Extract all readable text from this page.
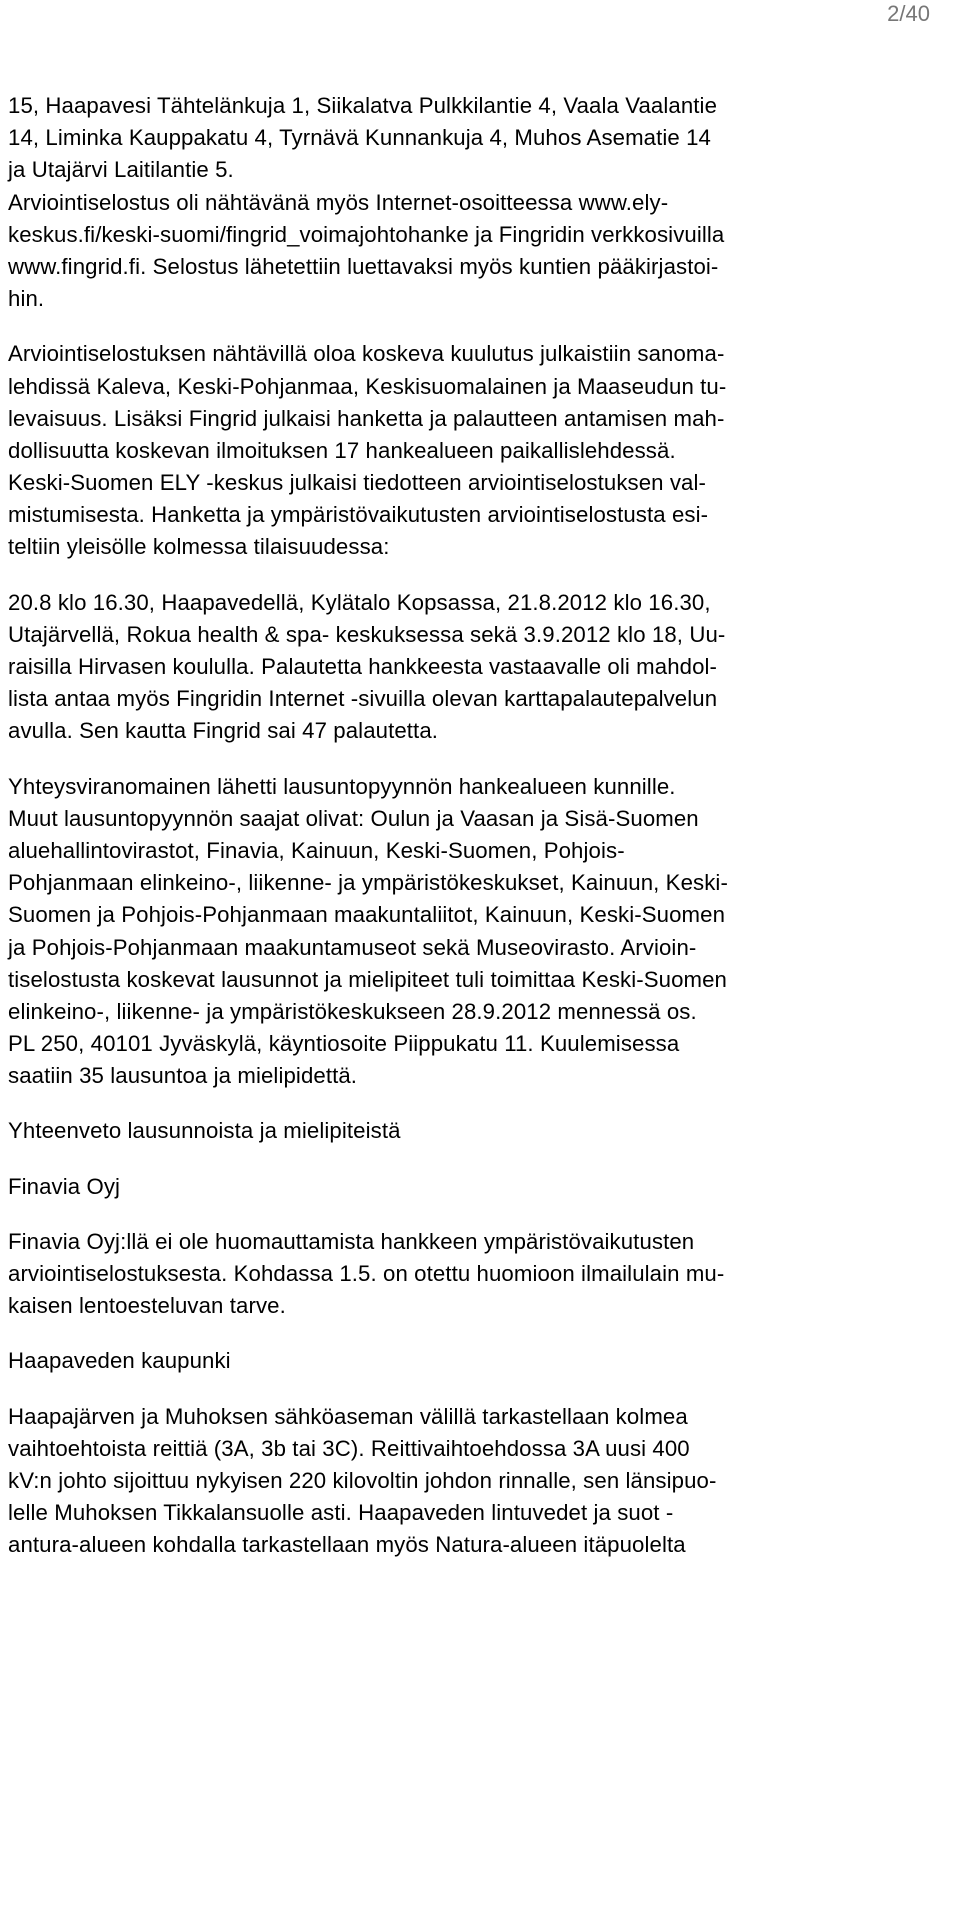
2/40
15, Haapavesi Tähtelänkuja 1, Siikalatva Pulkkilantie 4, Vaala Vaalantie
14, Liminka Kauppakatu 4, Tyrnävä Kunnankuja 4, Muhos Asematie 14
ja Utajärvi Laitilantie 5.
Arviointiselostus oli nähtävänä myös Internet-osoitteessa www.ely-
keskus.fi/keski-suomi/fingrid_voimajohtohanke ja Fingridin verkkosivuilla
www.fingrid.fi. Selostus lähetettiin luettavaksi myös kuntien pääkirjastoi-
hin.
Arviointiselostuksen nähtävillä oloa koskeva kuulutus julkaistiin sanoma-
lehdissä Kaleva, Keski-Pohjanmaa, Keskisuomalainen ja Maaseudun tu-
levaisuus. Lisäksi Fingrid julkaisi hanketta ja palautteen antamisen mah-
dollisuutta koskevan ilmoituksen 17 hankealueen paikallislehdessä.
Keski-Suomen ELY -keskus julkaisi tiedotteen arviointiselostuksen val-
mistumisesta. Hanketta ja ympäristövaikutusten arviointiselostusta esi-
teltiin yleisölle kolmessa tilaisuudessa:
20.8 klo 16.30, Haapavedellä, Kylätalo Kopsassa, 21.8.2012 klo 16.30,
Utajärvellä, Rokua health & spa- keskuksessa sekä 3.9.2012 klo 18, Uu-
raisilla Hirvasen koululla. Palautetta hankkeesta vastaavalle oli mahdol-
lista antaa myös Fingridin Internet -sivuilla olevan karttapalautepalvelun
avulla. Sen kautta Fingrid sai 47 palautetta.
Yhteysviranomainen lähetti lausuntopyynnön hankealueen kunnille.
Muut lausuntopyynnön saajat olivat: Oulun ja Vaasan ja Sisä-Suomen
aluehallintovirastot, Finavia, Kainuun, Keski-Suomen, Pohjois-
Pohjanmaan elinkeino-, liikenne- ja ympäristökeskukset, Kainuun, Keski-
Suomen ja Pohjois-Pohjanmaan maakuntaliitot, Kainuun, Keski-Suomen
ja Pohjois-Pohjanmaan maakuntamuseot sekä Museovirasto. Arvioin-
tiselostusta koskevat lausunnot ja mielipiteet tuli toimittaa Keski-Suomen
elinkeino-, liikenne- ja ympäristökeskukseen 28.9.2012 mennessä os.
PL 250, 40101 Jyväskylä, käyntiosoite Piippukatu 11. Kuulemisessa
saatiin 35 lausuntoa ja mielipidettä.
Yhteenveto lausunnoista ja mielipiteistä
Finavia Oyj
Finavia Oyj:llä ei ole huomauttamista hankkeen ympäristövaikutusten
arviointiselostuksesta. Kohdassa 1.5. on otettu huomioon ilmailulain mu-
kaisen lentoesteluvan tarve.
Haapaveden kaupunki
Haapajärven ja Muhoksen sähköaseman välillä tarkastellaan kolmea
vaihtoehtoista reittiä (3A, 3b tai 3C). Reittivaihtoehdossa 3A uusi 400
kV:n johto sijoittuu nykyisen 220 kilovoltin johdon rinnalle, sen länsipuo-
lelle Muhoksen Tikkalansuolle asti. Haapaveden lintuvedet ja suot -
antura-alueen kohdalla tarkastellaan myös Natura-alueen itäpuolelta
